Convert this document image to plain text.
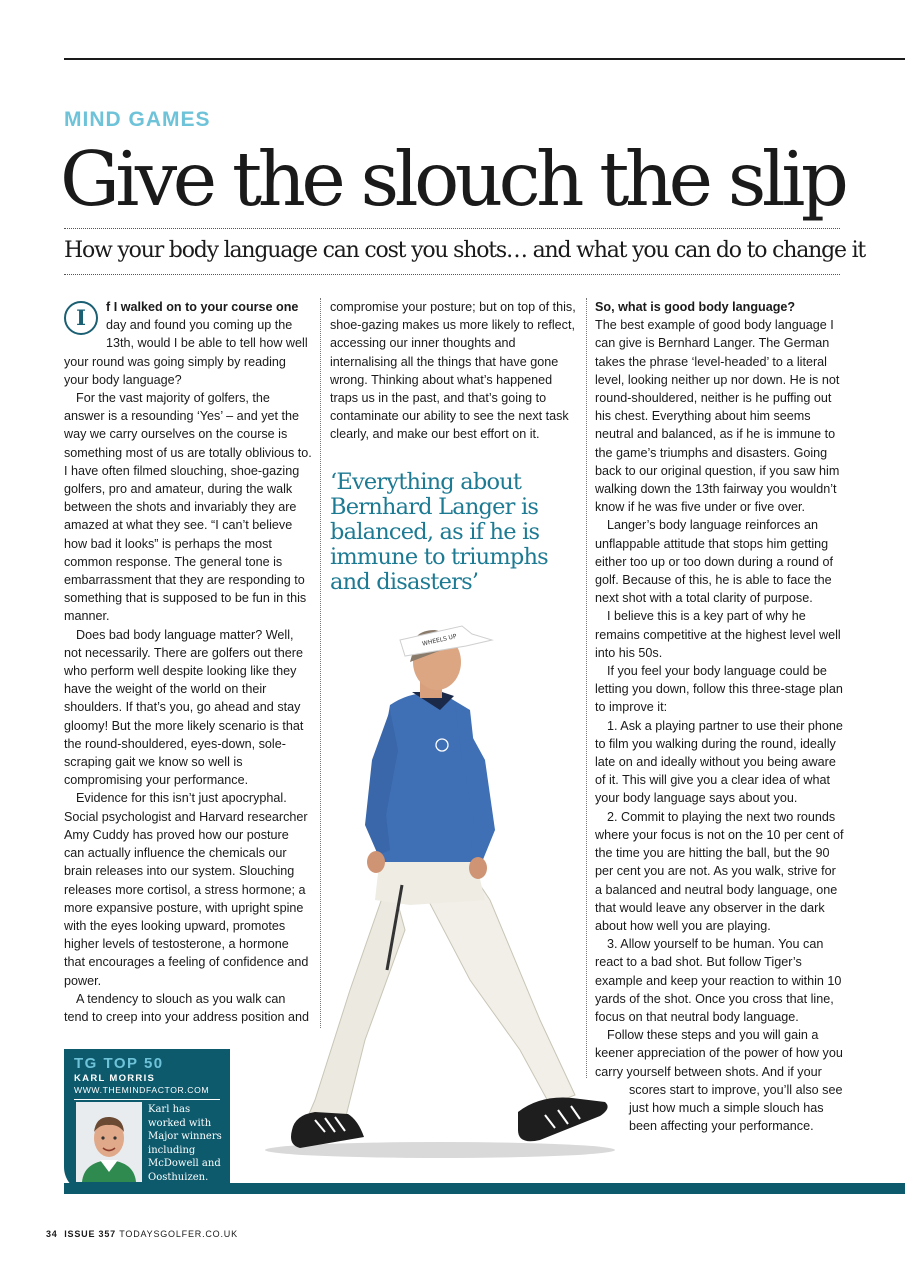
MIND GAMES
Give the slouch the slip
How your body language can cost you shots… and what you can do to change it

I	f I walked on to your course one day and found you coming up the 13th, would I be able to tell how well your round was going simply by reading your body language?

For the vast majority of golfers, the answer is a resounding ‘Yes’ – and yet the way we carry ourselves on the course is something most of us are totally oblivious to. I have often filmed slouching, shoe-gazing golfers, pro and amateur, during the walk between the shots and invariably they are amazed at what they see. “I can’t believe how bad it looks” is perhaps the most common response. The general tone is embarrassment that they are responding to something that is supposed to be fun in this manner.

Does bad body language matter? Well, not necessarily. There are golfers out there who perform well despite looking like they have the weight of the world on their shoulders. If that’s you, go ahead and stay gloomy! But the more likely scenario is that the round-shouldered, eyes-down, sole-scraping gait we know so well is compromising your performance.

Evidence for this isn’t just apocryphal. Social psychologist and Harvard researcher Amy Cuddy has proved how our posture can actually influence the chemicals our brain releases into our system. Slouching releases more cortisol, a stress hormone; a more expansive posture, with upright spine with the eyes looking upward, promotes higher levels of testosterone, a hormone that encourages a feeling of confidence and power.

A tendency to slouch as you walk can tend to creep into your address position and

compromise your posture; but on top of this, shoe-gazing makes us more likely to reflect, accessing our inner thoughts and internalising all the things that have gone wrong. Thinking about what’s happened traps us in the past, and that’s going to contaminate our ability to see the next task clearly, and make our best effort on it.

‘Everything about Bernhard Langer is balanced, as if he is immune to triumphs and disasters’

So, what is good body language?

The best example of good body language I can give is Bernhard Langer. The German takes the phrase ‘level-headed’ to a literal level, looking neither up nor down. He is not round-shouldered, neither is he puffing out his chest. Everything about him seems neutral and balanced, as if he is immune to the game’s triumphs and disasters. Going back to our original question, if you saw him walking down the 13th fairway you wouldn’t know if he was five under or five over.

Langer’s body language reinforces an unflappable attitude that stops him getting either too up or too down during a round of golf. Because of this, he is able to face the next shot with a total clarity of purpose.

I believe this is a key part of why he remains competitive at the highest level well into his 50s.

If you feel your body language could be letting you down, follow this three-stage plan to improve it:

1. Ask a playing partner to use their phone to film you walking during the round, ideally late on and ideally without you being aware of it. This will give you a clear idea of what your body language says about you.

2. Commit to playing the next two rounds where your focus is not on the 10 per cent of the time you are hitting the ball, but the 90 per cent you are not. As you walk, strive for a balanced and neutral body language, one that would leave any observer in the dark about how well you are playing.

3. Allow yourself to be human. You can react to a bad shot. But follow Tiger’s example and keep your reaction to within 10 yards of the shot. Once you cross that line, focus on that neutral body language.

Follow these steps and you will gain a keener appreciation of the power of how you carry yourself between shots. And if your

scores start to improve, you’ll also see just how much a simple slouch has been affecting your performance.

WHEELS UP
TG TOP 50
KARL MORRIS
WWW.THEMINDFACTOR.COM
Karl has worked with Major winners including McDowell and Oosthuizen.
34 ISSUE 357 TODAYSGOLFER.CO.UK
